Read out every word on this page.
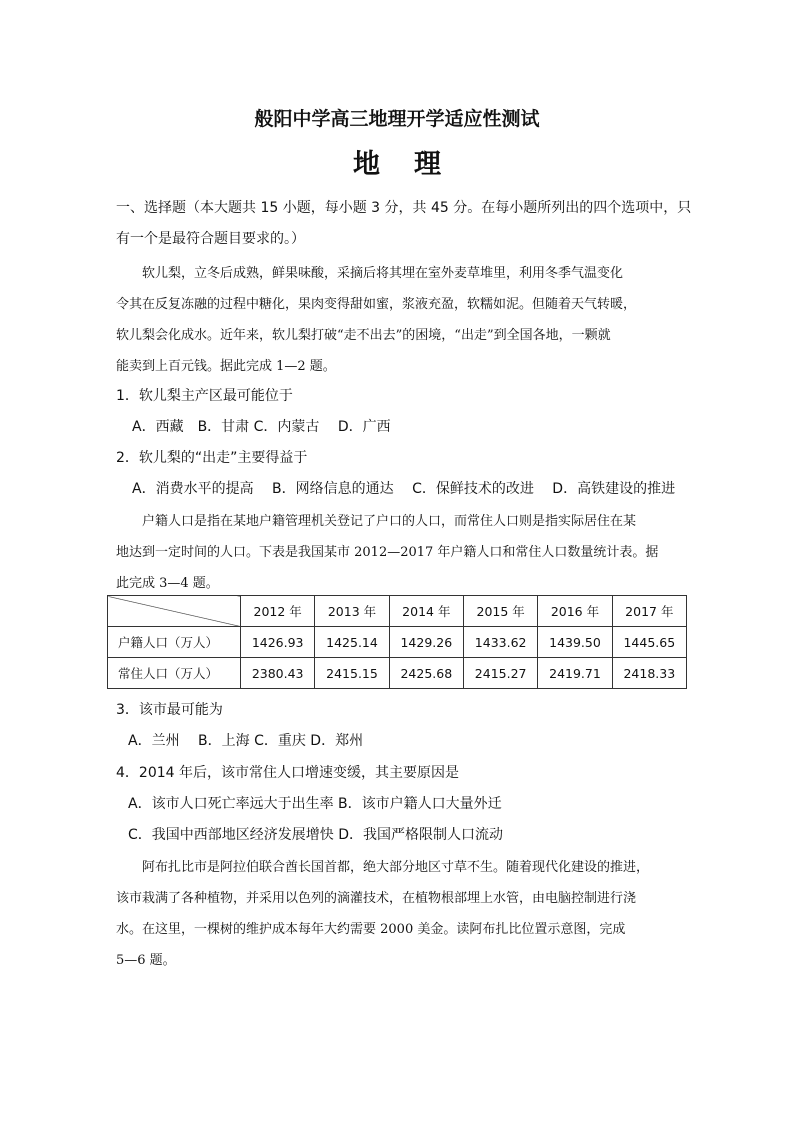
般阳中学高三地理开学适应性测试
地理
一、选择题（本大题共 15 小题，每小题 3 分，共 45 分。在每小题所列出的四个选项中，只
有一个是最符合题目要求的。）
软儿梨，立冬后成熟，鲜果味酸，采摘后将其埋在室外麦草堆里，利用冬季气温变化
令其在反复冻融的过程中糖化，果肉变得甜如蜜，浆液充盈，软糯如泥。但随着天气转暖，
软儿梨会化成水。近年来，软儿梨打破“走不出去”的困境，“出走”到全国各地，一颗就
能卖到上百元钱。据此完成 1—2 题。
1．软儿梨主产区最可能位于
A．西藏　B．甘肃 C．内蒙古　 D．广西
2．软儿梨的“出走”主要得益于
A．消费水平的提高　 B．网络信息的通达　 C．保鲜技术的改进　 D．高铁建设的推进
户籍人口是指在某地户籍管理机关登记了户口的人口，而常住人口则是指实际居住在某
地达到一定时间的人口。下表是我国某市 2012—2017 年户籍人口和常住人口数量统计表。据
此完成 3—4 题。
	2012 年	2013 年	2014 年	2015 年	2016 年	2017 年
户籍人口（万人）	1426.93	1425.14	1429.26	1433.62	1439.50	1445.65
常住人口（万人）	2380.43	2415.15	2425.68	2415.27	2419.71	2418.33
3．该市最可能为
A．兰州　 B．上海 C．重庆 D．郑州
4．2014 年后，该市常住人口增速变缓，其主要原因是
A．该市人口死亡率远大于出生率 B．该市户籍人口大量外迁
C．我国中西部地区经济发展增快 D．我国严格限制人口流动
阿布扎比市是阿拉伯联合酋长国首都，绝大部分地区寸草不生。随着现代化建设的推进，
该市栽满了各种植物，并采用以色列的滴灌技术，在植物根部埋上水管，由电脑控制进行浇
水。在这里，一棵树的维护成本每年大约需要 2000 美金。读阿布扎比位置示意图，完成
5—6 题。
